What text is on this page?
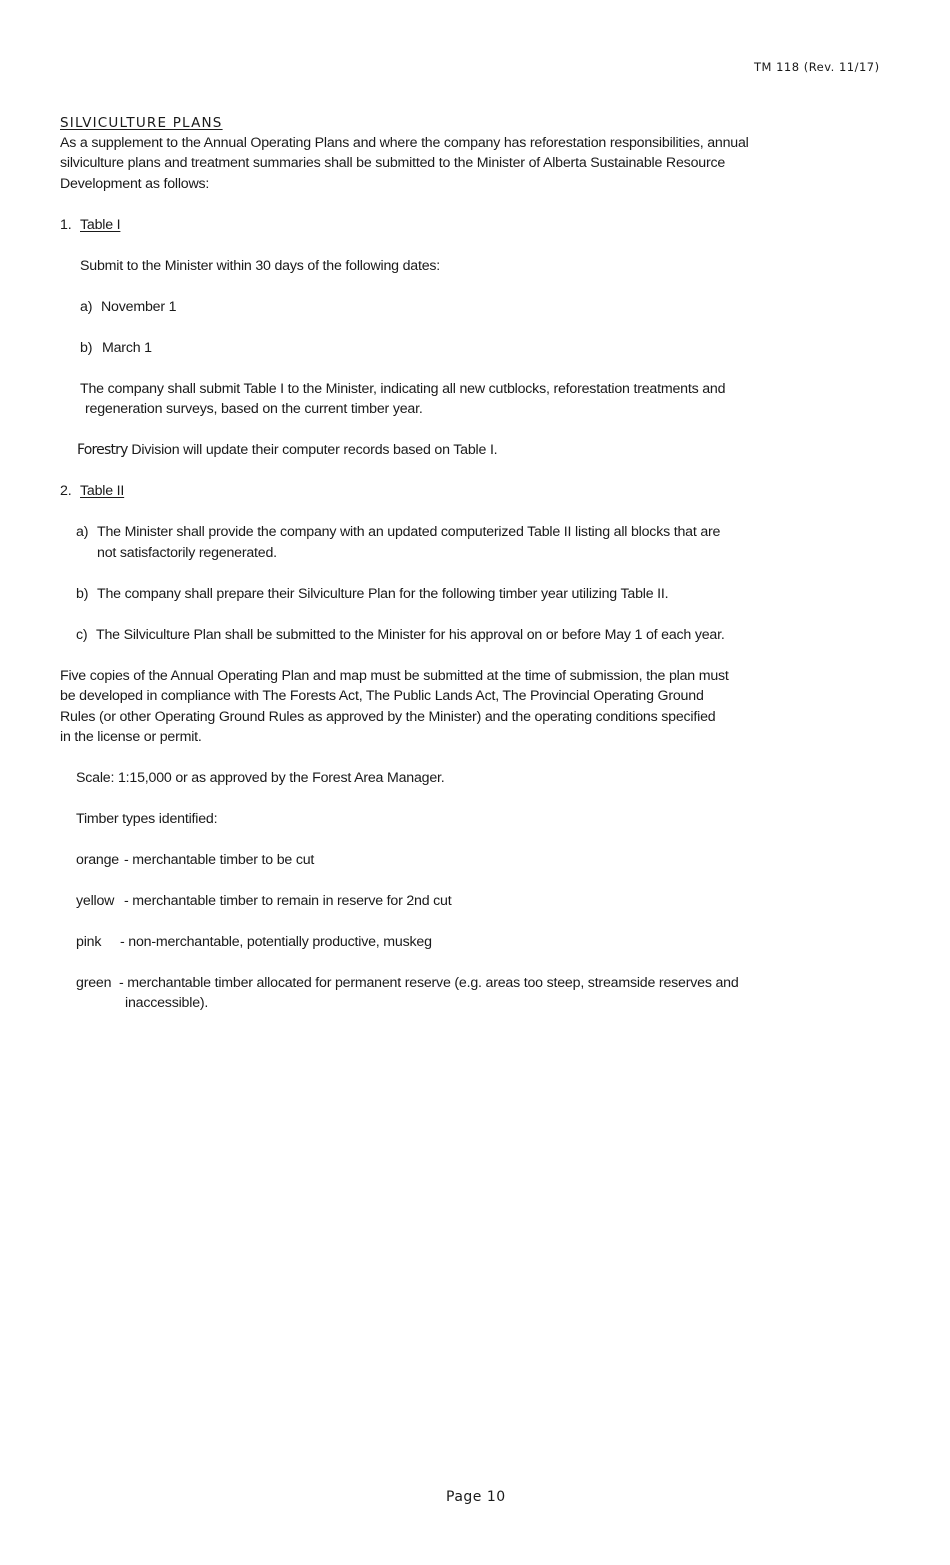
TM 118 (Rev. 11/17)
SILVICULTURE PLANS
As a supplement to the Annual Operating Plans and where the company has reforestation responsibilities, annual
silviculture plans and treatment summaries shall be submitted to the Minister of Alberta Sustainable Resource
Development as follows:
1. Table I
Submit to the Minister within 30 days of the following dates:
a) November 1
b) March 1
The company shall submit Table I to the Minister, indicating all new cutblocks, reforestation treatments and
regeneration surveys, based on the current timber year.
Forestry Division will update their computer records based on Table I.
2. Table II
a) The Minister shall provide the company with an updated computerized Table II listing all blocks that are
not satisfactorily regenerated.
b) The company shall prepare their Silviculture Plan for the following timber year utilizing Table II.
c) The Silviculture Plan shall be submitted to the Minister for his approval on or before May 1 of each year.
Five copies of the Annual Operating Plan and map must be submitted at the time of submission, the plan must
be developed in compliance with The Forests Act, The Public Lands Act, The Provincial Operating Ground
Rules (or other Operating Ground Rules as approved by the Minister) and the operating conditions specified
in the license or permit.
Scale: 1:15,000 or as approved by the Forest Area Manager.
Timber types identified:
orange - merchantable timber to be cut
yellow - merchantable timber to remain in reserve for 2nd cut
pink - non-merchantable, potentially productive, muskeg
green - merchantable timber allocated for permanent reserve (e.g. areas too steep, streamside reserves and
inaccessible).
Page 10
